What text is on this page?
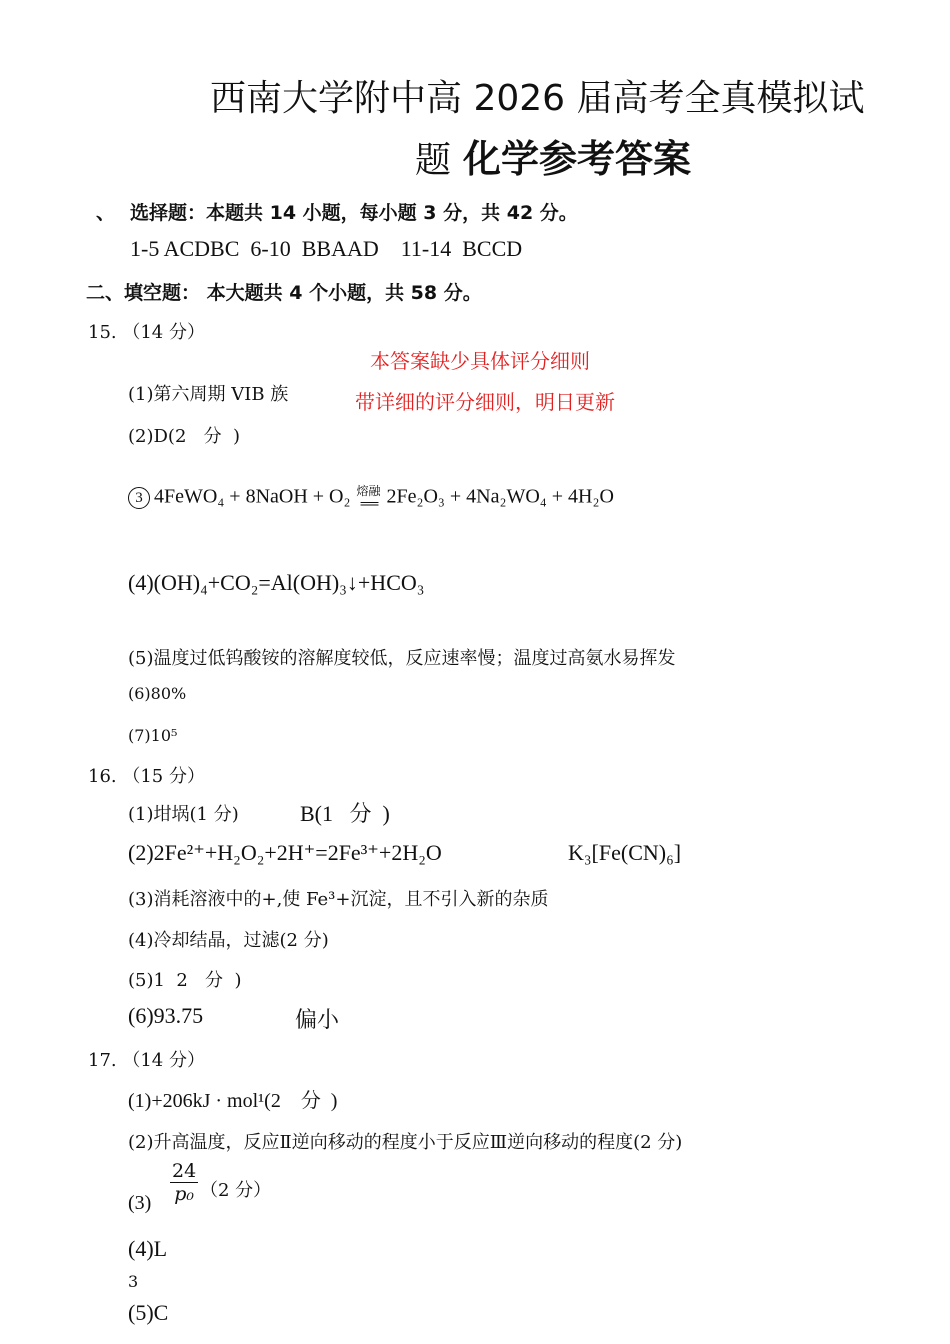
西南大学附中高 2026 届高考全真模拟试
题 化学参考答案
、 选择题：本题共 14 小题，每小题 3 分，共 42 分。
1-5 ACDBC  6-10  BBAAD    11-14  BCCD
二、填空题： 本大题共 4 个小题，共 58 分。
15. （14 分）
本答案缺少具体评分细则
带详细的评分细则，明日更新
(1)第六周期 VIB 族
(2)D(2   分  )
3 4FeWO₄ + 8NaOH + O₂ 熔融
══ 2Fe₂O₃ + 4Na₂WO₄ + 4H₂O
(4)(OH)₄+CO₂=Al(OH)₃↓+HCO₃
(5)温度过低钨酸铵的溶解度较低，反应速率慢；温度过高氨水易挥发
(6)80%
(7)10⁵
16. （15 分）
(1)坩埚(1 分)	B(1   分  )
(2)2Fe²⁺+H₂O₂+2H⁺=2Fe³⁺+2H₂O	K₃[Fe(CN)₆]
(3)消耗溶液中的+,使 Fe³+沉淀，且不引入新的杂质
(4)冷却结晶，过滤(2 分)
(5)1  2   分  )
(6)93.75	偏小
17. （14 分）
(1)+206kJ · mol¹(2    分  )
(2)升高温度，反应Ⅱ逆向移动的程度小于反应Ⅲ逆向移动的程度(2 分)
$(3) \frac{24}{\text{p₀}} (2$ 分）
(4)L
3
(5)C
